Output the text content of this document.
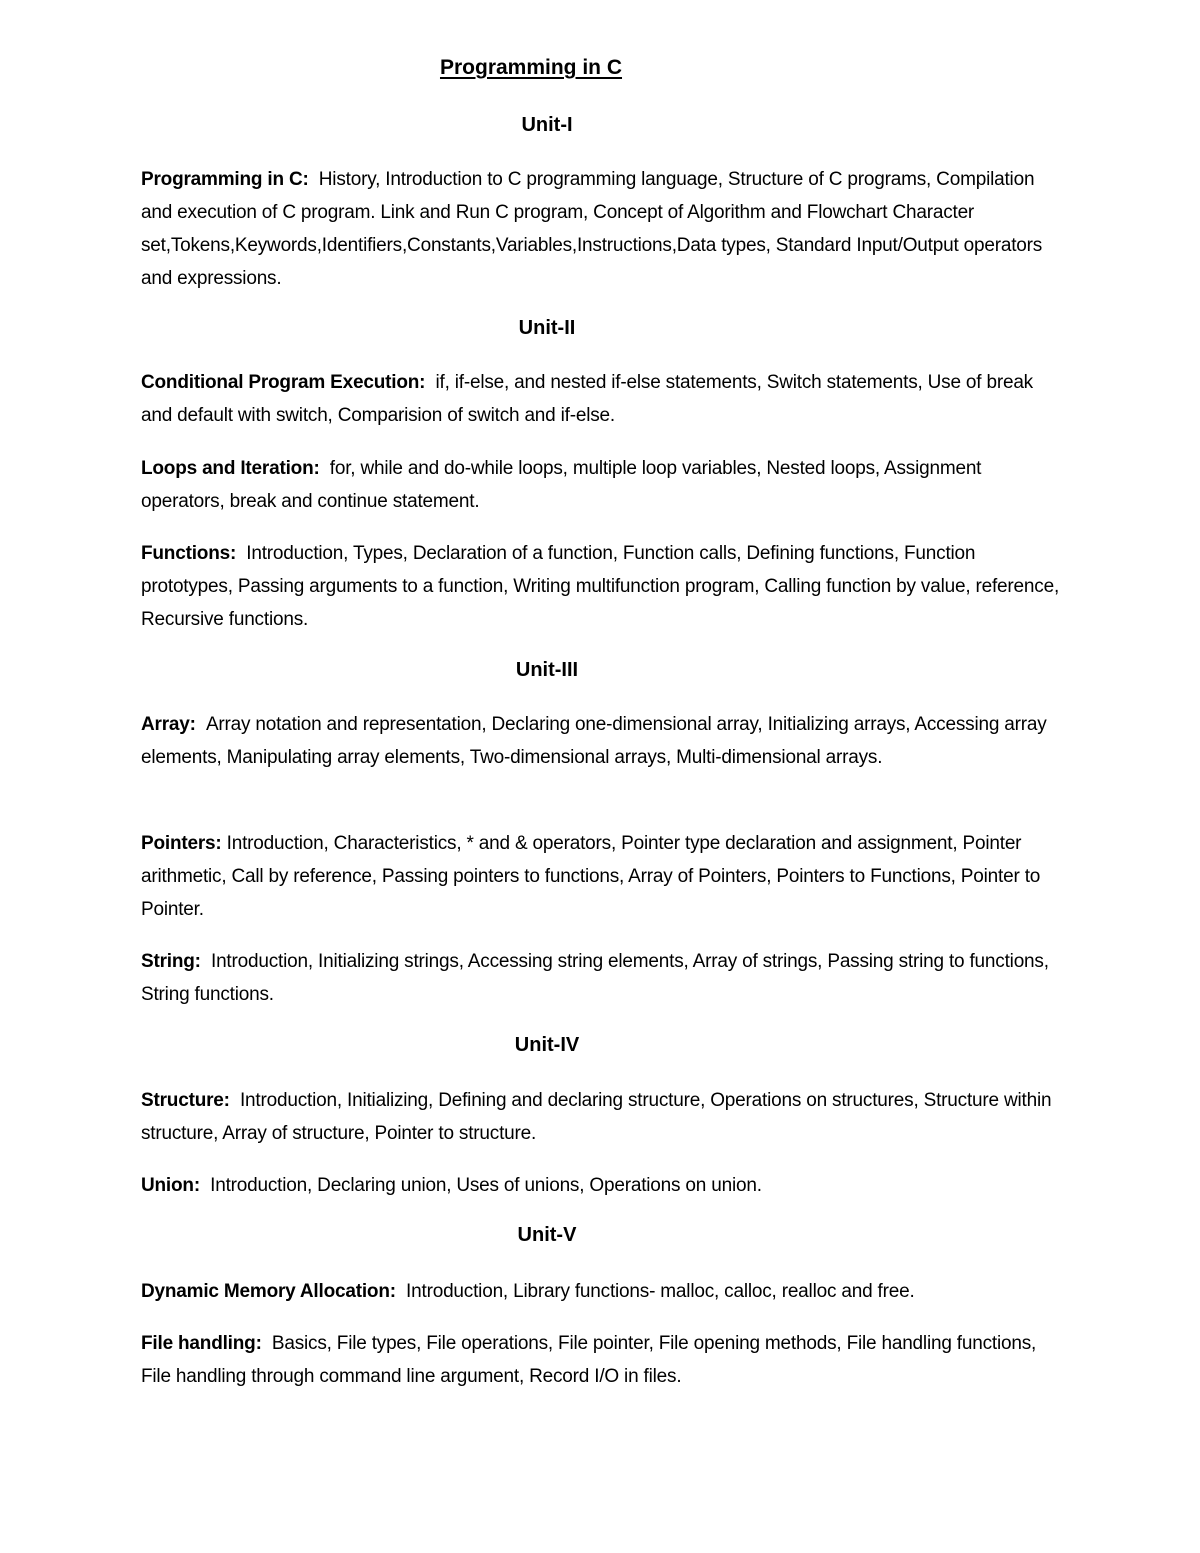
Programming in C
Unit-I
Programming in C: History, Introduction to C programming language, Structure of C programs, Compilation and execution of C program. Link and Run C program, Concept of Algorithm and Flowchart Character set,Tokens,Keywords,Identifiers,Constants,Variables,Instructions,Data types, Standard Input/Output operators and expressions.
Unit-II
Conditional Program Execution: if, if-else, and nested if-else statements, Switch statements, Use of break and default with switch, Comparision of switch and if-else.
Loops and Iteration: for, while and do-while loops, multiple loop variables, Nested loops, Assignment operators, break and continue statement.
Functions: Introduction, Types, Declaration of a function, Function calls, Defining functions, Function prototypes, Passing arguments to a function, Writing multifunction program, Calling function by value, reference, Recursive functions.
Unit-III
Array: Array notation and representation, Declaring one-dimensional array, Initializing arrays, Accessing array elements, Manipulating array elements, Two-dimensional arrays, Multi-dimensional arrays.
Pointers: Introduction, Characteristics, * and & operators, Pointer type declaration and assignment, Pointer arithmetic, Call by reference, Passing pointers to functions, Array of Pointers, Pointers to Functions, Pointer to Pointer.
String: Introduction, Initializing strings, Accessing string elements, Array of strings, Passing string to functions, String functions.
Unit-IV
Structure: Introduction, Initializing, Defining and declaring structure, Operations on structures, Structure within structure, Array of structure, Pointer to structure.
Union: Introduction, Declaring union, Uses of unions, Operations on union.
Unit-V
Dynamic Memory Allocation: Introduction, Library functions- malloc, calloc, realloc and free.
File handling: Basics, File types, File operations, File pointer, File opening methods, File handling functions, File handling through command line argument, Record I/O in files.
